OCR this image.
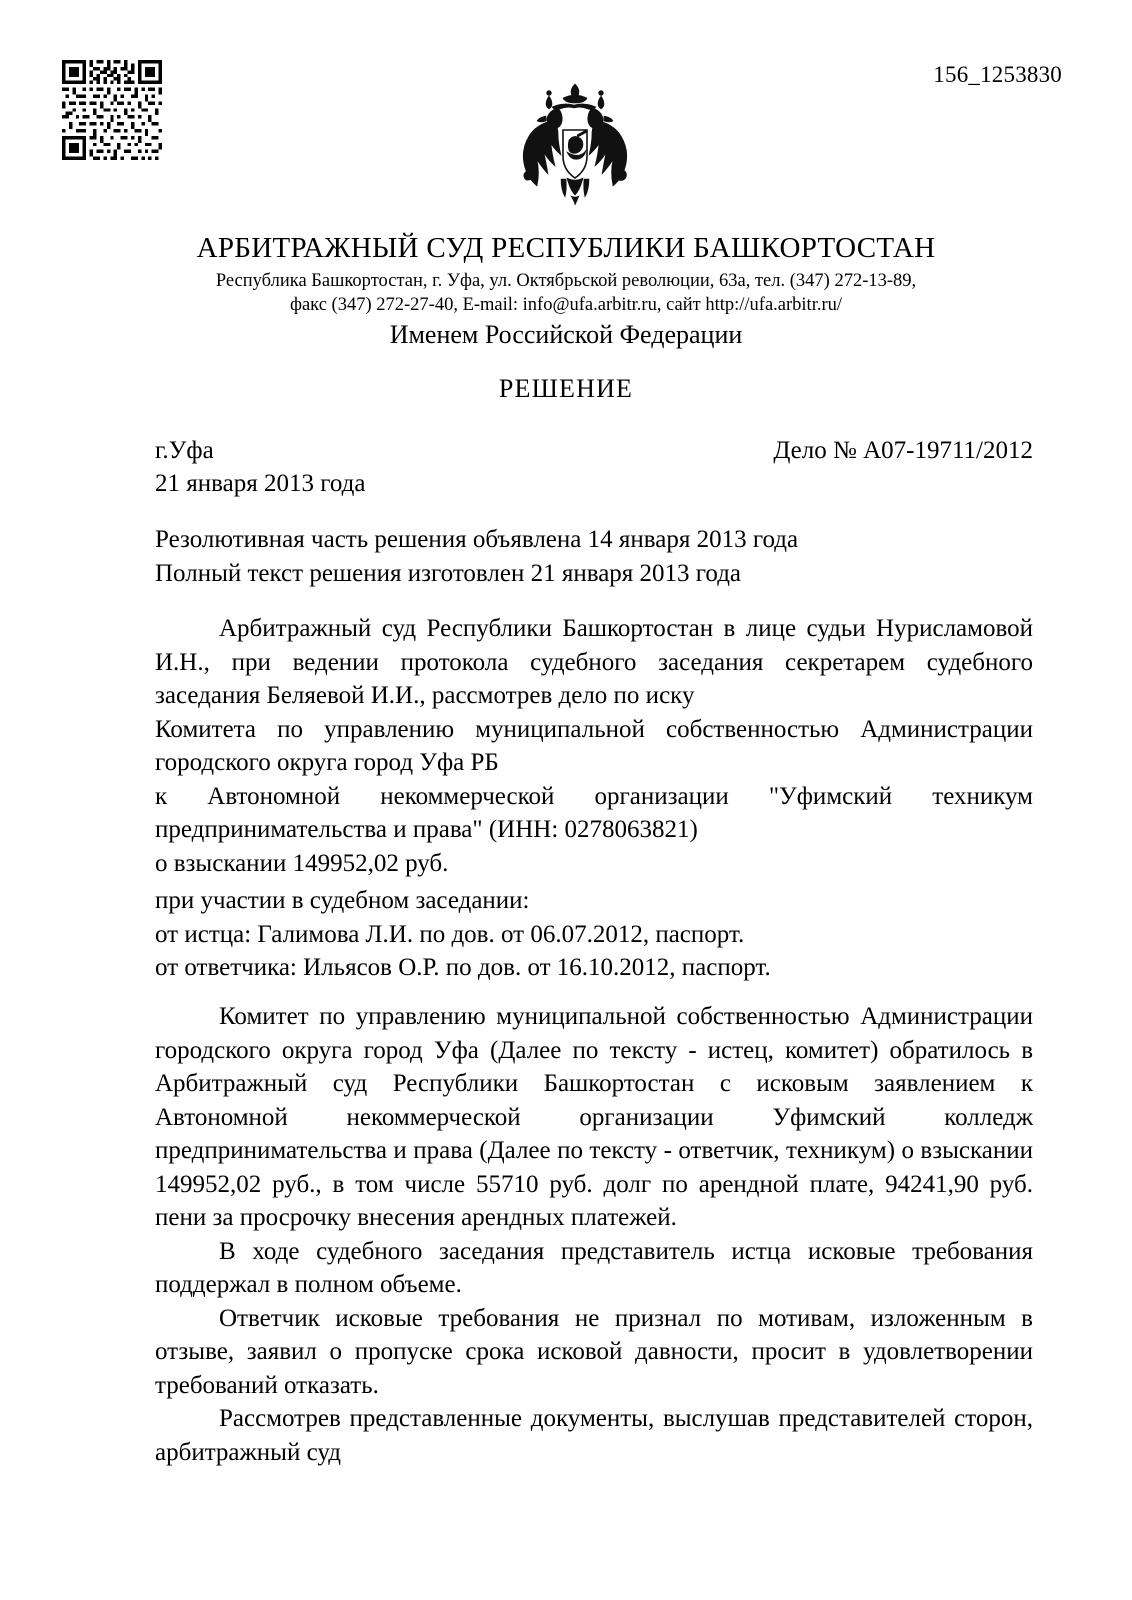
156_1253830
АРБИТРАЖНЫЙ СУД РЕСПУБЛИКИ БАШКОРТОСТАН
Республика Башкортостан, г. Уфа, ул. Октябрьской революции, 63а, тел. (347) 272-13-89,
факс (347) 272-27-40, E-mail: info@ufa.arbitr.ru, сайт http://ufa.arbitr.ru/
Именем Российской Федерации
РЕШЕНИЕ
г.Уфа	Дело № А07-19711/2012
21 января 2013 года

Резолютивная часть решения объявлена 14 января 2013 года

Полный текст решения изготовлен 21 января 2013 года

Арбитражный суд Республики Башкортостан в лице судьи Нурисламовой И.Н., при ведении протокола судебного заседания секретарем судебного заседания Беляевой И.И., рассмотрев дело по иску

Комитета по управлению муниципальной собственностью Администрации городского округа город Уфа РБ

к Автономной некоммерческой организации "Уфимский техникум предпринимательства и права" (ИНН: 0278063821)

о взыскании 149952,02 руб.

при участии в судебном заседании:

от истца: Галимова Л.И. по дов. от 06.07.2012, паспорт.

от ответчика: Ильясов О.Р. по дов. от 16.10.2012, паспорт.

Комитет по управлению муниципальной собственностью Администрации городского округа город Уфа (Далее по тексту - истец, комитет) обратилось в Арбитражный суд Республики Башкортостан с исковым заявлением к Автономной некоммерческой организации Уфимский колледж предпринимательства и права (Далее по тексту - ответчик, техникум) о взыскании 149952,02 руб., в том числе 55710 руб. долг по арендной плате, 94241,90 руб. пени за просрочку внесения арендных платежей.

В ходе судебного заседания представитель истца исковые требования поддержал в полном объеме.

Ответчик исковые требования не признал по мотивам, изложенным в отзыве, заявил о пропуске срока исковой давности, просит в удовлетворении требований отказать.

Рассмотрев представленные документы, выслушав представителей сторон, арбитражный суд
